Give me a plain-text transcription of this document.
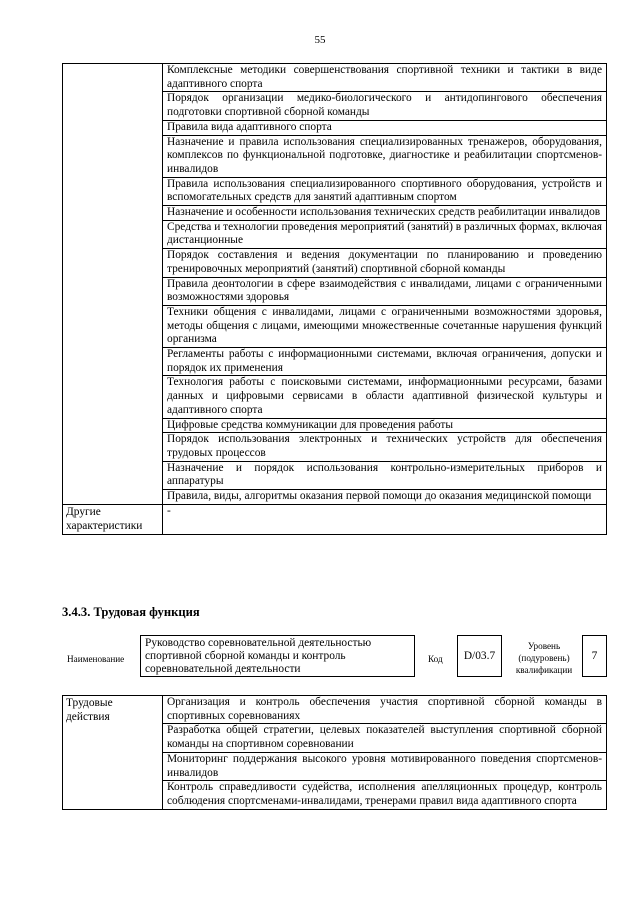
55
	Комплексные методики совершенствования спортивной техники и тактики в виде адаптивного спорта
	Порядок организации медико-биологического и антидопингового обеспечения подготовки спортивной сборной команды
	Правила вида адаптивного спорта
	Назначение и правила использования специализированных тренажеров, оборудования, комплексов по функциональной подготовке, диагностике и реабилитации спортсменов-инвалидов
	Правила использования специализированного спортивного оборудования, устройств и вспомогательных средств для занятий адаптивным спортом
	Назначение и особенности использования технических средств реабилитации инвалидов
	Средства и технологии проведения мероприятий (занятий) в различных формах, включая дистанционные
	Порядок составления и ведения документации по планированию и проведению тренировочных мероприятий (занятий) спортивной сборной команды
	Правила деонтологии в сфере взаимодействия с инвалидами, лицами с ограниченными возможностями здоровья
	Техники общения с инвалидами, лицами с ограниченными возможностями здоровья, методы общения с лицами, имеющими множественные сочетанные нарушения функций организма
	Регламенты работы с информационными системами, включая ограничения, допуски и порядок их применения
	Технология работы с поисковыми системами, информационными ресурсами, базами данных и цифровыми сервисами в области адаптивной физической культуры и адаптивного спорта
	Цифровые средства коммуникации для проведения работы
	Порядок использования электронных и технических устройств для обеспечения трудовых процессов
	Назначение и порядок использования контрольно-измерительных приборов и аппаратуры
	Правила, виды, алгоритмы оказания первой помощи до оказания медицинской помощи
Другие характеристики	-
3.4.3. Трудовая функция
Наименование
Руководство соревновательной деятельностью спортивной сборной команды и контроль соревновательной деятельности
Код	D/03.7
Уровень (подуровень) квалификации
7
Трудовые действия	Организация и контроль обеспечения участия спортивной сборной команды в спортивных соревнованиях
Разработка общей стратегии, целевых показателей выступления спортивной сборной команды на спортивном соревновании
Мониторинг поддержания высокого уровня мотивированного поведения спортсменов-инвалидов
Контроль справедливости судейства, исполнения апелляционных процедур, контроль соблюдения спортсменами-инвалидами, тренерами правил вида адаптивного спорта
